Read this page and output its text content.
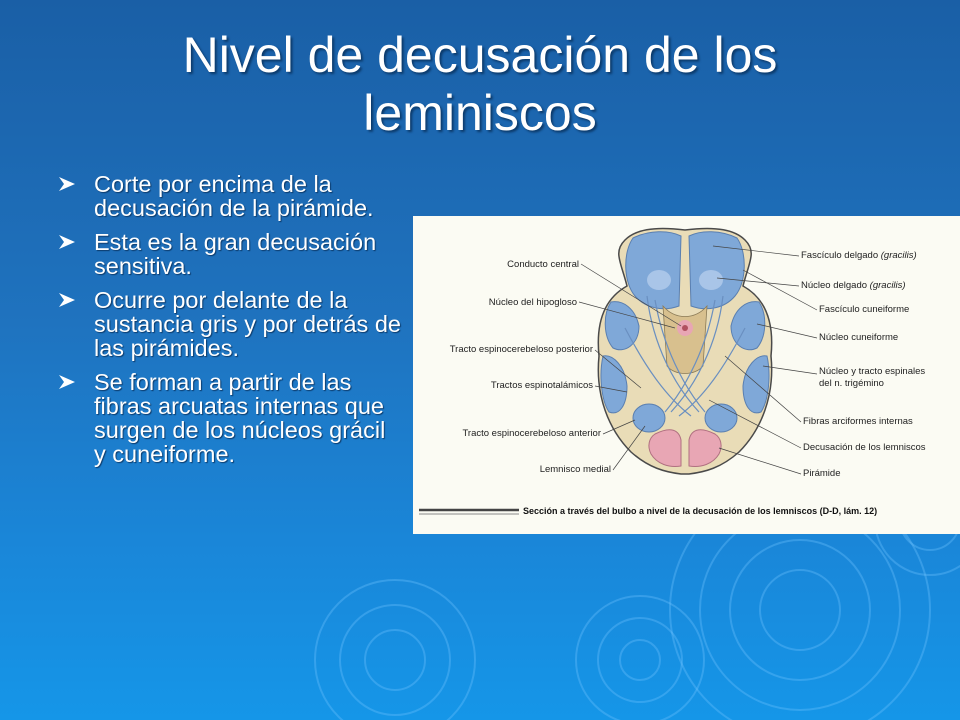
Nivel de decusación de los leminiscos
Corte por encima de la decusación de la pirámide.
Esta es la gran decusación sensitiva.
Ocurre por delante de la sustancia gris y por detrás de las pirámides.
Se forman a partir de las fibras arcuatas internas que surgen de los núcleos grácil y cuneiforme.
Conducto central
Núcleo del hipogloso
Tracto espinocerebeloso posterior
Tractos espinotalámicos
Tracto espinocerebeloso anterior
Lemnisco medial
Fascículo delgado (gracilis)
Núcleo delgado (gracilis)
Fascículo cuneiforme
Núcleo cuneiforme
Núcleo y tracto espinales
del n. trigémino
Fibras arciformes internas
Decusación de los lemniscos
Pirámide
Sección a través del bulbo a nivel de la decusación de los lemniscos (D-D, lám. 12)
